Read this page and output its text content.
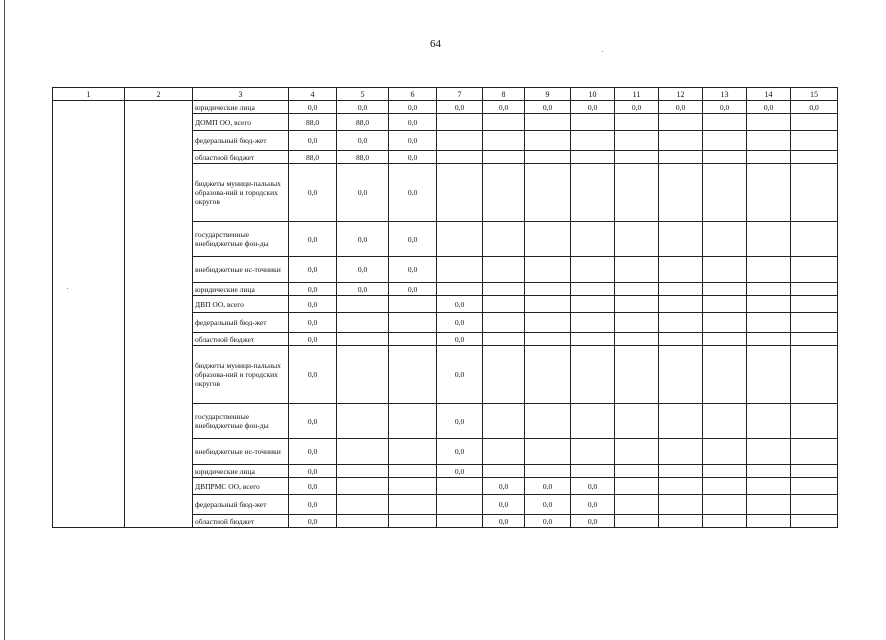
64
1	2	3	4	5	6	7	8	9	10	11	12	13	14	15
		юридические лица	0,0	0,0	0,0	0,0	0,0	0,0	0,0	0,0	0,0	0,0	0,0	0,0
		ДОМП ОО, всего	88,0	88,0	0,0									
		федеральный бюд-жет	0,0	0,0	0,0									
		областной бюджет	88,0	88,0	0,0									
		бюджеты муници-пальных образова-ний и городских округов	0,0	0,0	0,0									
		государственные внебюджетные фон-ды	0,0	0,0	0,0									
		внебюджетные ис-точники	0,0	0,0	0,0									
		юридические лица	0,0	0,0	0,0									
		ДВП ОО, всего	0,0			0,0								
		федеральный бюд-жет	0,0			0,0								
		областной бюджет	0,0			0,0								
		бюджеты муници-пальных образова-ний и городских округов	0,0			0,0								
		государственные внебюджетные фон-ды	0,0			0,0								
		внебюджетные ис-точники	0,0			0,0								
		юридические лица	0,0			0,0								
		ДВПРМС ОО, всего	0,0				0,0	0,0	0,0					
		федеральный бюд-жет	0,0				0,0	0,0	0,0					
		областной бюджет	0,0				0,0	0,0	0,0					
